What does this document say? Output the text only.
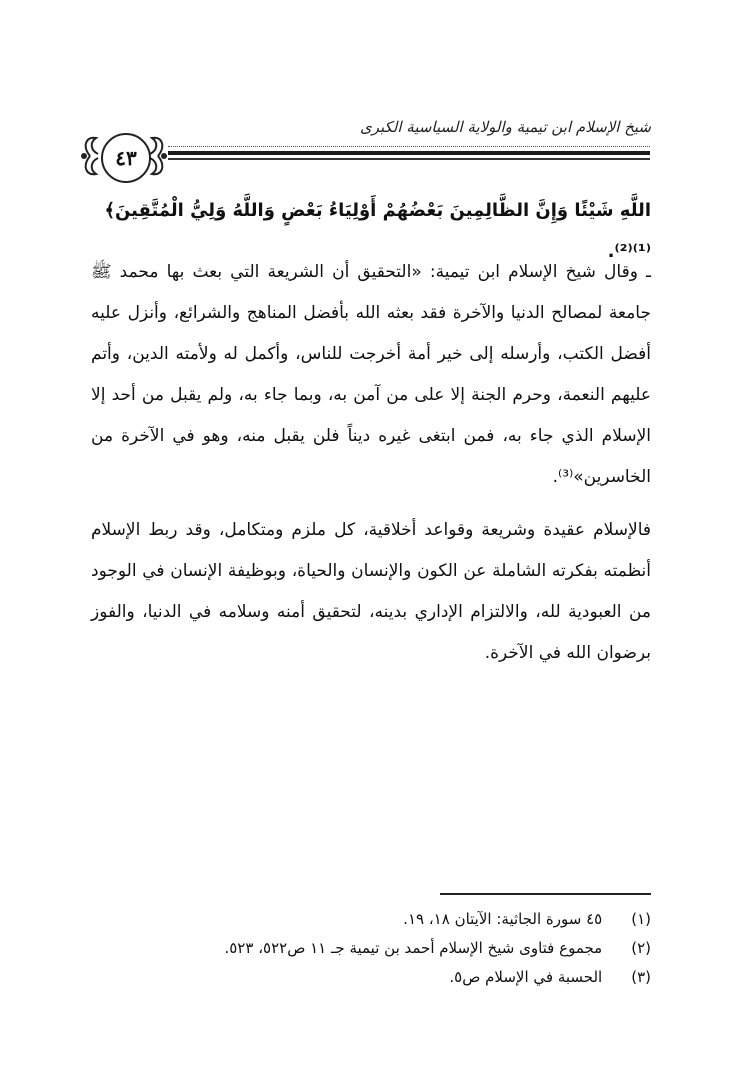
شيخ الإسلام ابن تيمية والولاية السياسية الكبرى
٤٣
اللَّهِ شَيْئًا وَإِنَّ الظَّالِمِينَ بَعْضُهُمْ أَوْلِيَاءُ بَعْضٍ وَاللَّهُ وَلِيُّ الْمُتَّقِينَ﴾⁽¹⁾⁽²⁾.
ـ وقال شيخ الإسلام ابن تيمية: «التحقيق أن الشريعة التي بعث بها محمد ﷺ جامعة لمصالح الدنيا والآخرة فقد بعثه الله بأفضل المناهج والشرائع، وأنزل عليه أفضل الكتب، وأرسله إلى خير أمة أخرجت للناس، وأكمل له ولأمته الدين، وأتم عليهم النعمة، وحرم الجنة إلا على من آمن به، وبما جاء به، ولم يقبل من أحد إلا الإسلام الذي جاء به، فمن ابتغى غيره ديناً فلن يقبل منه، وهو في الآخرة من الخاسرين»⁽³⁾.
فالإسلام عقيدة وشريعة وقواعد أخلاقية، كل ملزم ومتكامل، وقد ربط الإسلام أنظمته بفكرته الشاملة عن الكون والإنسان والحياة، وبوظيفة الإنسان في الوجود من العبودية لله، والالتزام الإداري بدينه، لتحقيق أمنه وسلامه في الدنيا، والفوز برضوان الله في الآخرة.
(١) ٤٥ سورة الجاثية: الآيتان ١٨، ١٩.
(٢) مجموع فتاوى شيخ الإسلام أحمد بن تيمية جـ ١١ ص٥٢٢، ٥٢٣.
(٣) الحسبة في الإسلام ص٥.
